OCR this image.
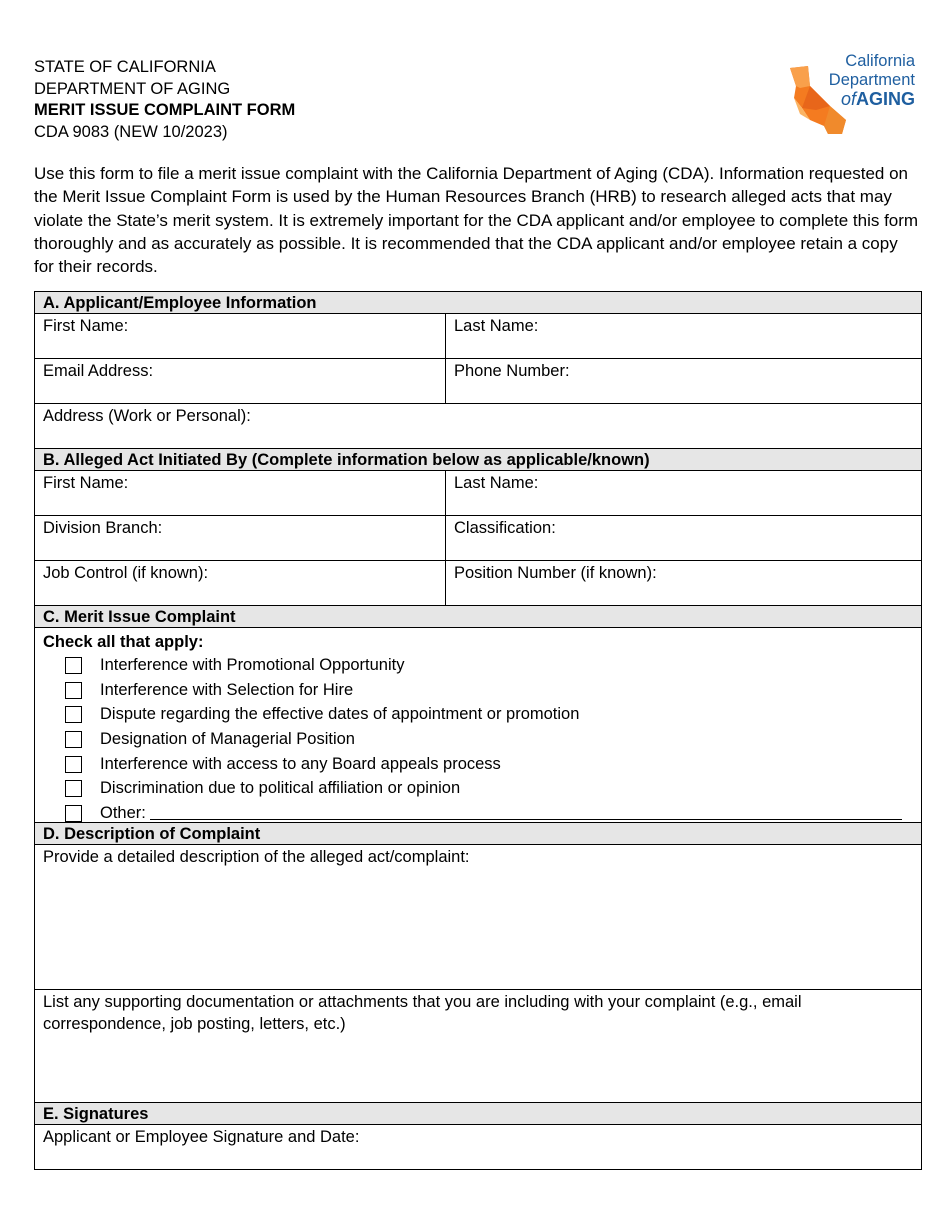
STATE OF CALIFORNIA
DEPARTMENT OF AGING
MERIT ISSUE COMPLAINT FORM
CDA 9083 (NEW 10/2023)
California
Department
ofAGING
Use this form to file a merit issue complaint with the California Department of Aging (CDA). Information requested on the Merit Issue Complaint Form is used by the Human Resources Branch (HRB) to research alleged acts that may violate the State’s merit system. It is extremely important for the CDA applicant and/or employee to complete this form thoroughly and as accurately as possible. It is recommended that the CDA applicant and/or employee retain a copy for their records.
A. Applicant/Employee Information
First Name:	Last Name:
Email Address:	Phone Number:
Address (Work or Personal):
B. Alleged Act Initiated By (Complete information below as applicable/known)
First Name:	Last Name:
Division Branch:	Classification:
Job Control (if known):	Position Number (if known):
C. Merit Issue Complaint
Check all that apply:
Interference with Promotional Opportunity
Interference with Selection for Hire
Dispute regarding the effective dates of appointment or promotion
Designation of Managerial Position
Interference with access to any Board appeals process
Discrimination due to political affiliation or opinion
Other:
D. Description of Complaint
Provide a detailed description of the alleged act/complaint:
List any supporting documentation or attachments that you are including with your complaint (e.g., email correspondence, job posting, letters, etc.)
E. Signatures
Applicant or Employee Signature and Date:
